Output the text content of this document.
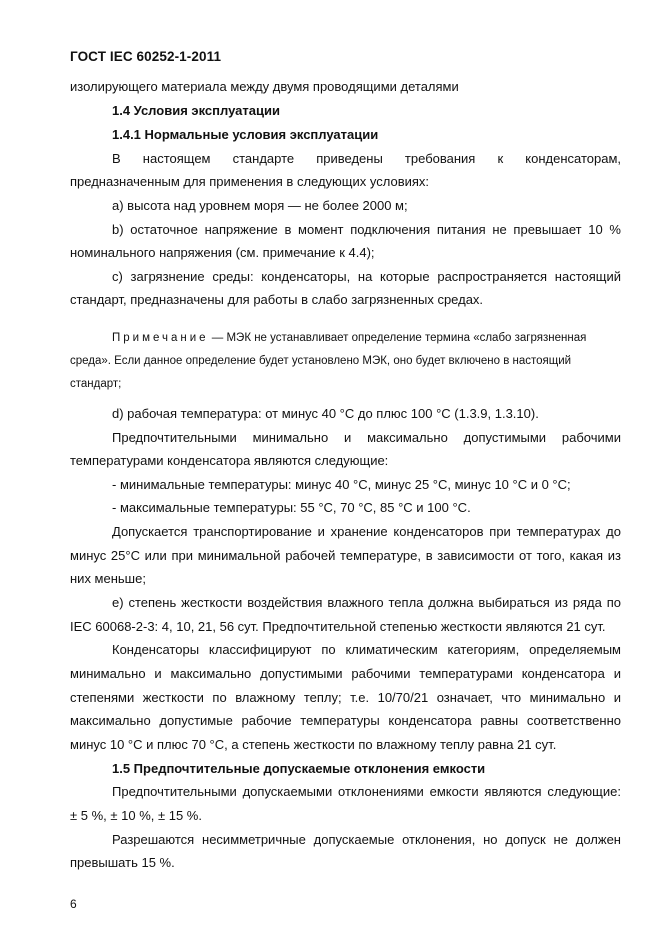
ГОСТ IEC 60252-1-2011
изолирующего материала между двумя проводящими деталями
1.4 Условия эксплуатации
1.4.1 Нормальные условия эксплуатации
В настоящем стандарте приведены требования к конденсаторам,
предназначенным для применения в следующих условиях:
а) высота над уровнем моря — не более 2000 м;
b) остаточное напряжение в момент подключения питания не превышает 10 %
номинального напряжения (см. примечание к 4.4);
с) загрязнение среды: конденсаторы, на которые распространяется настоящий
стандарт, предназначены для работы в слабо загрязненных средах.
Примечание — МЭК не устанавливает определение термина «слабо загрязненная
среда». Если данное определение будет установлено МЭК, оно будет включено в настоящий
стандарт;
d) рабочая температура: от минус 40 °С до плюс 100 °С (1.3.9, 1.3.10).
Предпочтительными минимально и максимально допустимыми рабочими
температурами конденсатора являются следующие:
- минимальные температуры: минус 40 °С, минус 25 °С, минус 10 °С и 0 °С;
- максимальные температуры: 55 °С, 70 °С, 85 °С и 100 °С.
Допускается транспортирование и хранение конденсаторов при температурах до
минус 25°С или при минимальной рабочей температуре, в зависимости от того, какая из
них меньше;
е) степень жесткости воздействия влажного тепла должна выбираться из ряда по
IEC 60068-2-3: 4, 10, 21, 56 сут. Предпочтительной степенью жесткости являются 21 сут.
Конденсаторы классифицируют по климатическим категориям, определяемым
минимально и максимально допустимыми рабочими температурами конденсатора и
степенями жесткости по влажному теплу; т.е. 10/70/21 означает, что минимально и
максимально допустимые рабочие температуры конденсатора равны соответственно
минус 10 °С и плюс 70 °С, а степень жесткости по влажному теплу равна 21 сут.
1.5 Предпочтительные допускаемые отклонения емкости
Предпочтительными допускаемыми отклонениями емкости являются следующие:
± 5 %, ± 10 %, ± 15 %.
Разрешаются несимметричные допускаемые отклонения, но допуск не должен
превышать 15 %.
6
